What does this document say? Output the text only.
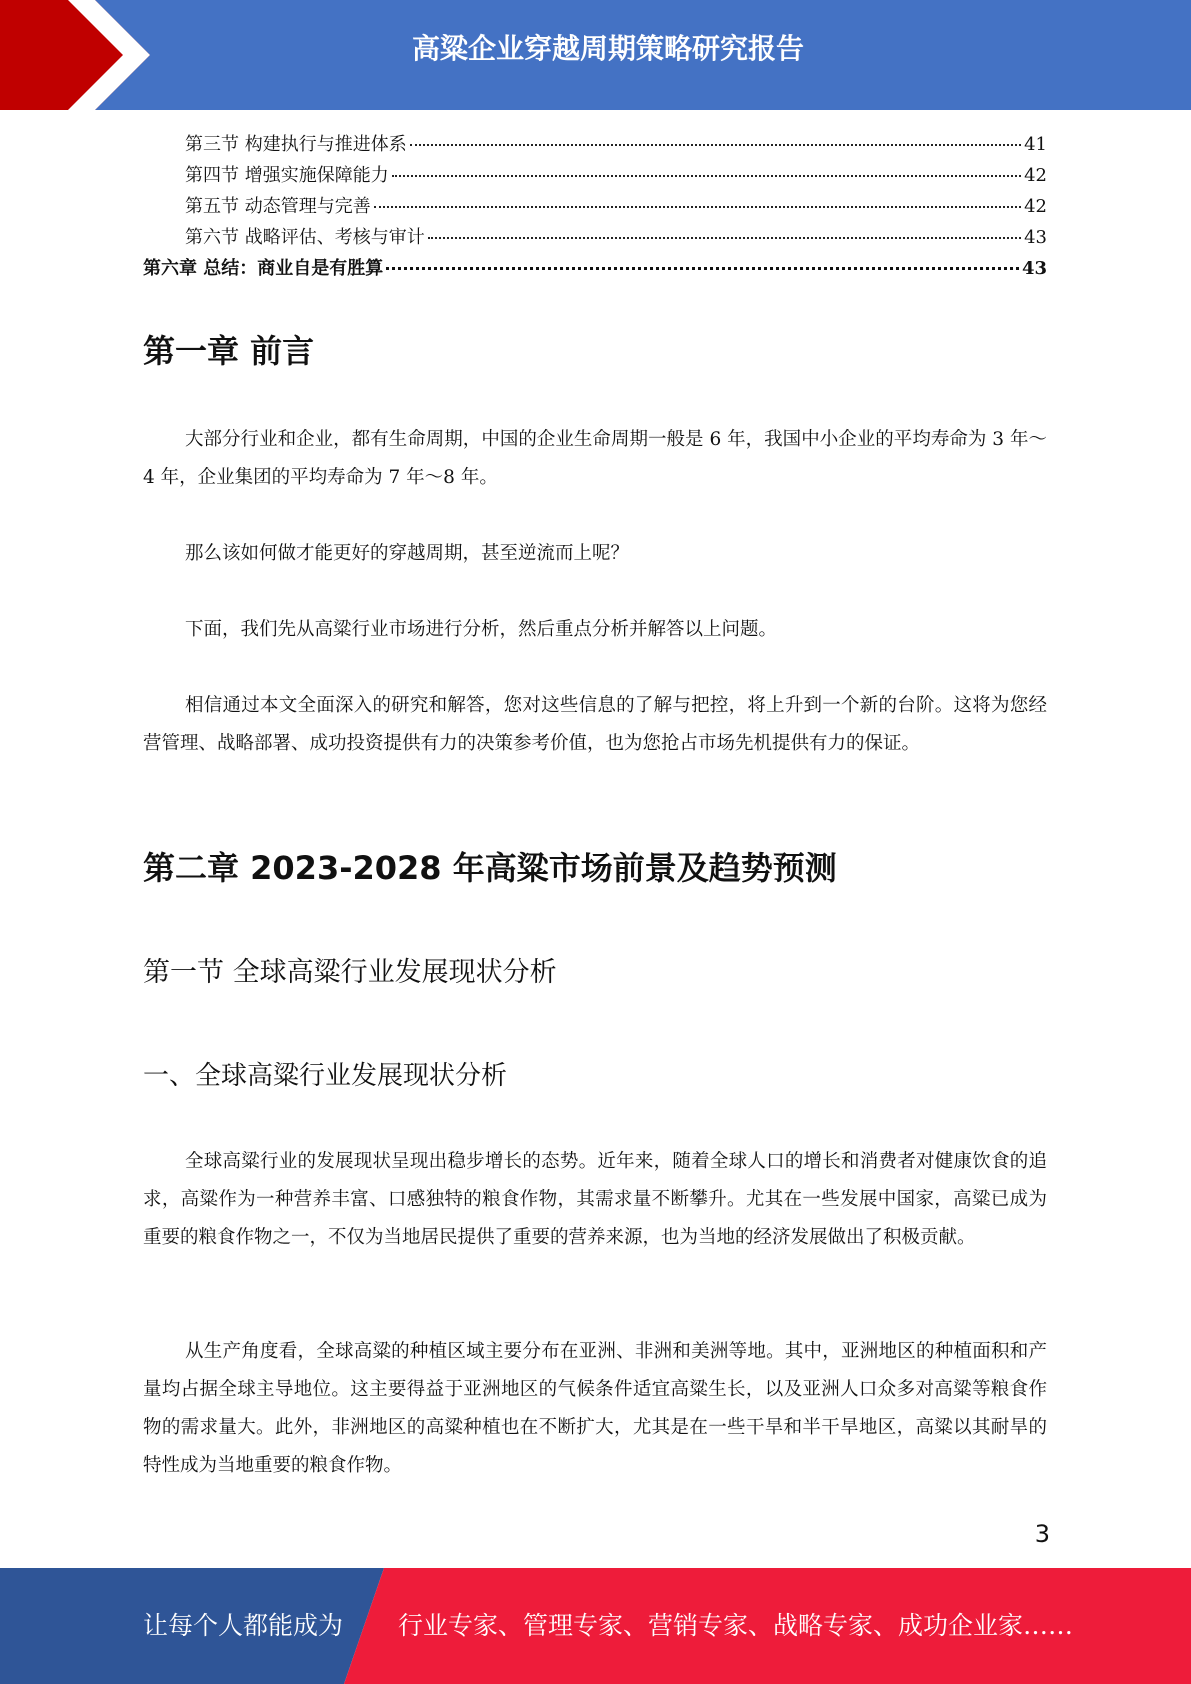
高粱企业穿越周期策略研究报告
第三节 构建执行与推进体系	41
第四节 增强实施保障能力	42
第五节 动态管理与完善	42
第六节 战略评估、考核与审计	43
第六章 总结：商业自是有胜算	43
第一章 前言

大部分行业和企业，都有生命周期，中国的企业生命周期一般是 6 年，我国中小企业的平均寿命为 3 年～4 年，企业集团的平均寿命为 7 年～8 年。

那么该如何做才能更好的穿越周期，甚至逆流而上呢？

下面，我们先从高粱行业市场进行分析，然后重点分析并解答以上问题。

相信通过本文全面深入的研究和解答，您对这些信息的了解与把控，将上升到一个新的台阶。这将为您经营管理、战略部署、成功投资提供有力的决策参考价值，也为您抢占市场先机提供有力的保证。

第二章 2023-2028 年高粱市场前景及趋势预测
第一节 全球高粱行业发展现状分析
一、全球高粱行业发展现状分析

全球高粱行业的发展现状呈现出稳步增长的态势。近年来，随着全球人口的增长和消费者对健康饮食的追求，高粱作为一种营养丰富、口感独特的粮食作物，其需求量不断攀升。尤其在一些发展中国家，高粱已成为重要的粮食作物之一，不仅为当地居民提供了重要的营养来源，也为当地的经济发展做出了积极贡献。

从生产角度看，全球高粱的种植区域主要分布在亚洲、非洲和美洲等地。其中，亚洲地区的种植面积和产量均占据全球主导地位。这主要得益于亚洲地区的气候条件适宜高粱生长，以及亚洲人口众多对高粱等粮食作物的需求量大。此外，非洲地区的高粱种植也在不断扩大，尤其是在一些干旱和半干旱地区，高粱以其耐旱的特性成为当地重要的粮食作物。

3
让每个人都能成为 行业专家、管理专家、营销专家、战略专家、成功企业家……
